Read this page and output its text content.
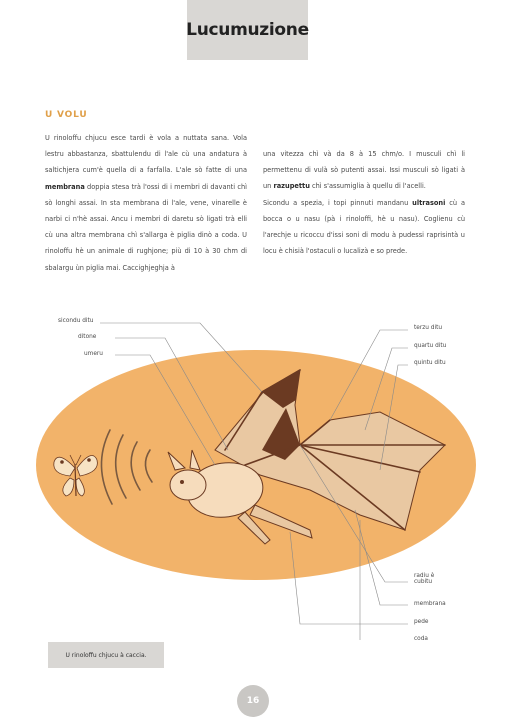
Lucumuzione
U VOLU

U rinoloffu chjucu esce tardi è vola a nuttata sana. Vola lestru abbastanza, sbattulendu di l'ale cù una andatura à saltichjera cum'è quella di a farfalla. L'ale sò fatte di una membrana doppia stesa trà l'ossi di i membri di davanti chì sò longhi assai. In sta membrana di l'ale, vene, vinarelle è narbi ci n'hè assai. Ancu i membri di daretu sò ligati trà elli cù una altra membrana chì s'allarga è piglia dinò a coda. U rinoloffu hè un animale di rughjone; più di 10 à 30 chm di sbalargu ùn piglia mai. Caccighjeghja à

una vitezza chì và da 8 à 15 chm/o. I musculi chì li permettenu di vulà sò putenti assai. Issi musculi sò ligati à un razupettu chì s'assumiglia à quellu di l'acelli.

Sicondu a spezia, i topi pinnuti mandanu ultrasoni cù a bocca o u nasu (pà i rinoloffi, hè u nasu). Coglienu cù l'arechje u ricoccu d'issi soni di modu à pudessi raprisintà u locu è chisià l'ostaculi o lucalizà e so prede.

sicondu ditu
ditone
umeru
terzu ditu
quartu ditu
quintu ditu
radiu è
cubitu
membrana
pede
coda
U rinoloffu chjucu à caccia.
16
